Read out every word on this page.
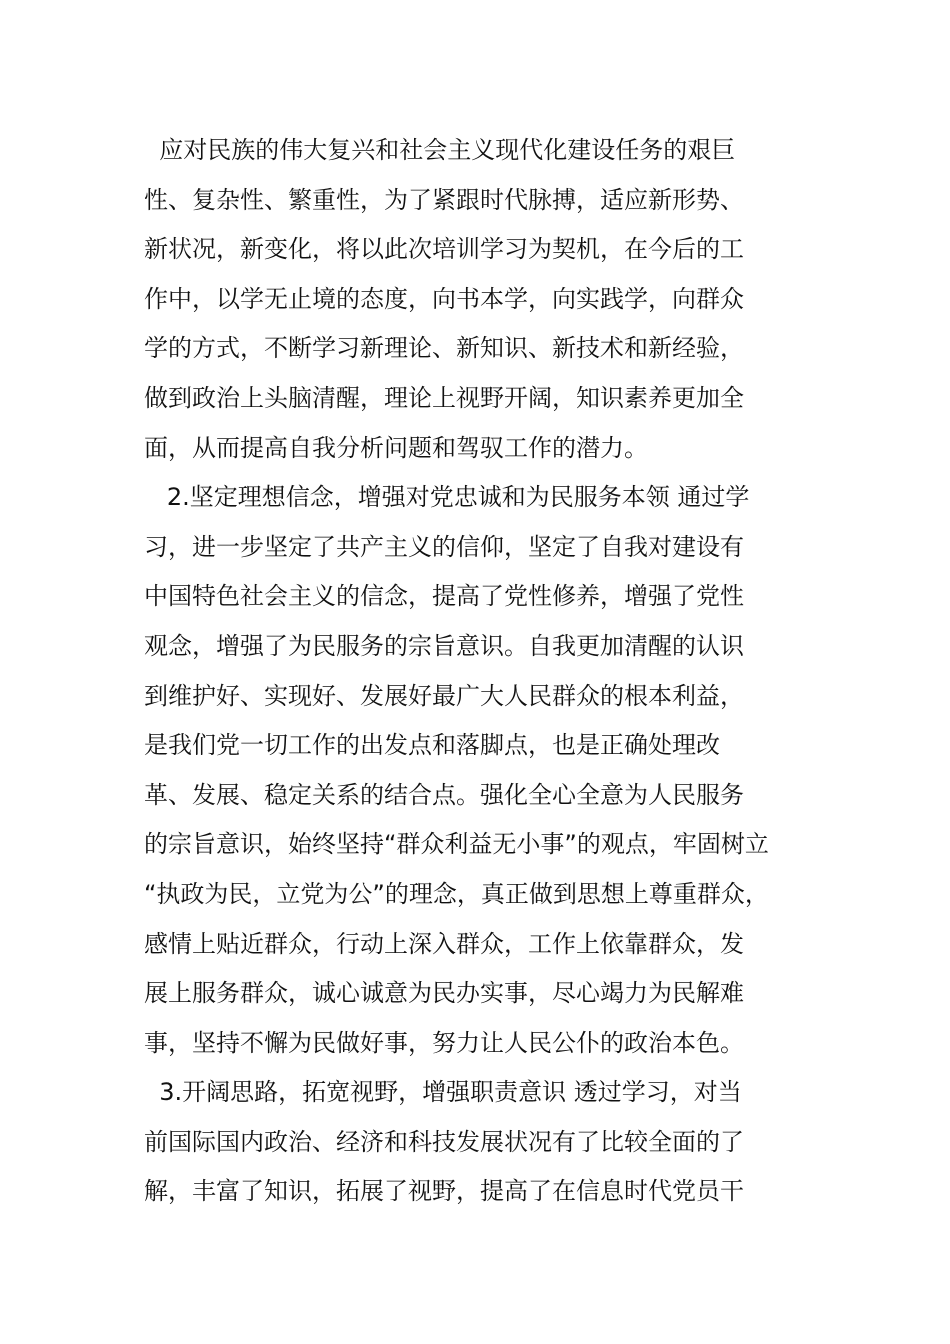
应对民族的伟大复兴和社会主义现代化建设任务的艰巨
性、复杂性、繁重性，为了紧跟时代脉搏，适应新形势、
新状况，新变化，将以此次培训学习为契机，在今后的工
作中，以学无止境的态度，向书本学，向实践学，向群众
学的方式，不断学习新理论、新知识、新技术和新经验，
做到政治上头脑清醒，理论上视野开阔，知识素养更加全
面，从而提高自我分析问题和驾驭工作的潜力。
2.坚定理想信念，增强对党忠诚和为民服务本领 通过学
习，进一步坚定了共产主义的信仰，坚定了自我对建设有
中国特色社会主义的信念，提高了党性修养，增强了党性
观念，增强了为民服务的宗旨意识。自我更加清醒的认识
到维护好、实现好、发展好最广大人民群众的根本利益，
是我们党一切工作的出发点和落脚点，也是正确处理改
革、发展、稳定关系的结合点。强化全心全意为人民服务
的宗旨意识，始终坚持“群众利益无小事”的观点，牢固树立
“执政为民，立党为公”的理念，真正做到思想上尊重群众，
感情上贴近群众，行动上深入群众，工作上依靠群众，发
展上服务群众，诚心诚意为民办实事，尽心竭力为民解难
事，坚持不懈为民做好事，努力让人民公仆的政治本色。
3.开阔思路，拓宽视野，增强职责意识 透过学习，对当
前国际国内政治、经济和科技发展状况有了比较全面的了
解，丰富了知识，拓展了视野，提高了在信息时代党员干
